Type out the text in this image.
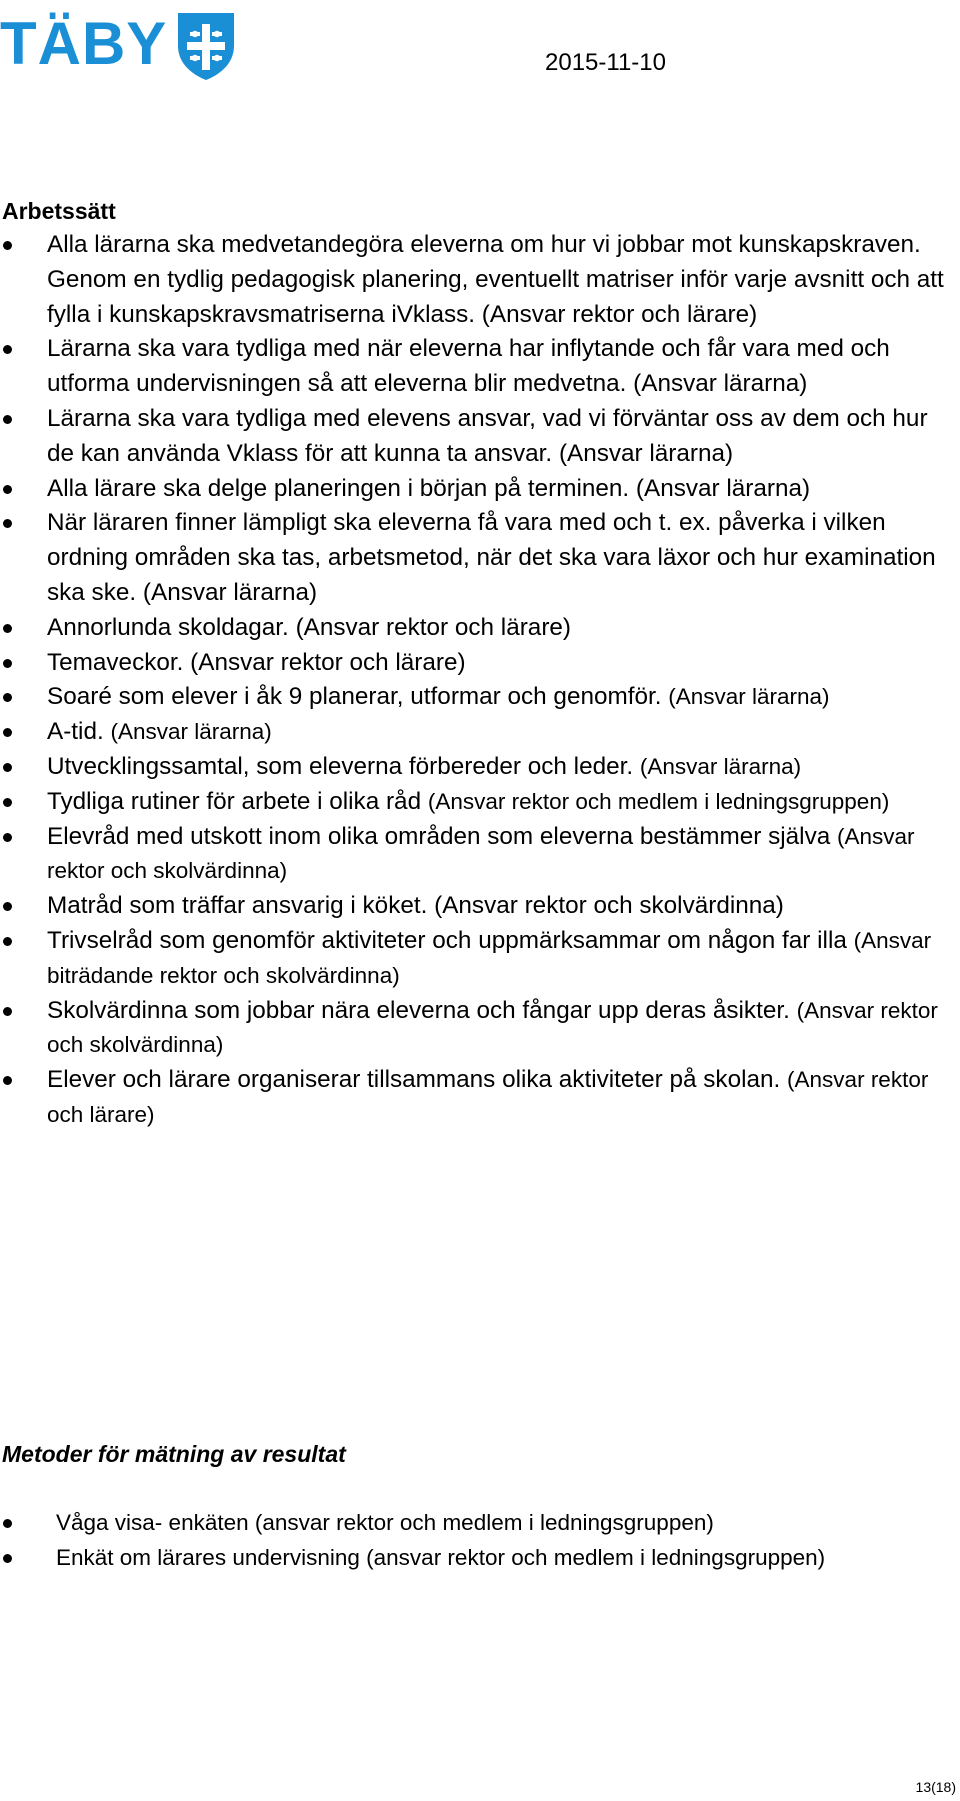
TÄBY	2015-11-10
Arbetssätt
Alla lärarna ska medvetandegöra eleverna om hur vi jobbar mot kunskapskraven. Genom en tydlig pedagogisk planering, eventuellt matriser inför varje avsnitt och att fylla i kunskapskravsmatriserna iVklass. (Ansvar rektor och lärare)
Lärarna ska vara tydliga med när eleverna har inflytande och får vara med och utforma undervisningen så att eleverna blir medvetna. (Ansvar lärarna)
Lärarna ska vara tydliga med elevens ansvar, vad vi förväntar oss av dem och hur de kan använda Vklass för att kunna ta ansvar. (Ansvar lärarna)
Alla lärare ska delge planeringen i början på terminen. (Ansvar lärarna)
När läraren finner lämpligt ska eleverna få vara med och t. ex. påverka i vilken ordning områden ska tas, arbetsmetod, när det ska vara läxor och hur examination ska ske. (Ansvar lärarna)
Annorlunda skoldagar. (Ansvar rektor och lärare)
Temaveckor. (Ansvar rektor och lärare)
Soaré som elever i åk 9 planerar, utformar och genomför. (Ansvar lärarna)
A-tid. (Ansvar lärarna)
Utvecklingssamtal, som eleverna förbereder och leder. (Ansvar lärarna)
Tydliga rutiner för arbete i olika råd (Ansvar rektor och medlem i ledningsgruppen)
Elevråd med utskott inom olika områden som eleverna bestämmer själva (Ansvar rektor och skolvärdinna)
Matråd som träffar ansvarig i köket. (Ansvar rektor och skolvärdinna)
Trivselråd som genomför aktiviteter och uppmärksammar om någon far illa (Ansvar biträdande rektor och skolvärdinna)
Skolvärdinna som jobbar nära eleverna och fångar upp deras åsikter. (Ansvar rektor och skolvärdinna)
Elever och lärare organiserar tillsammans olika aktiviteter på skolan. (Ansvar rektor och lärare)
Metoder för mätning av resultat
Våga visa- enkäten (ansvar rektor och medlem i ledningsgruppen)
Enkät om lärares undervisning (ansvar rektor och medlem i ledningsgruppen)
13(18)
